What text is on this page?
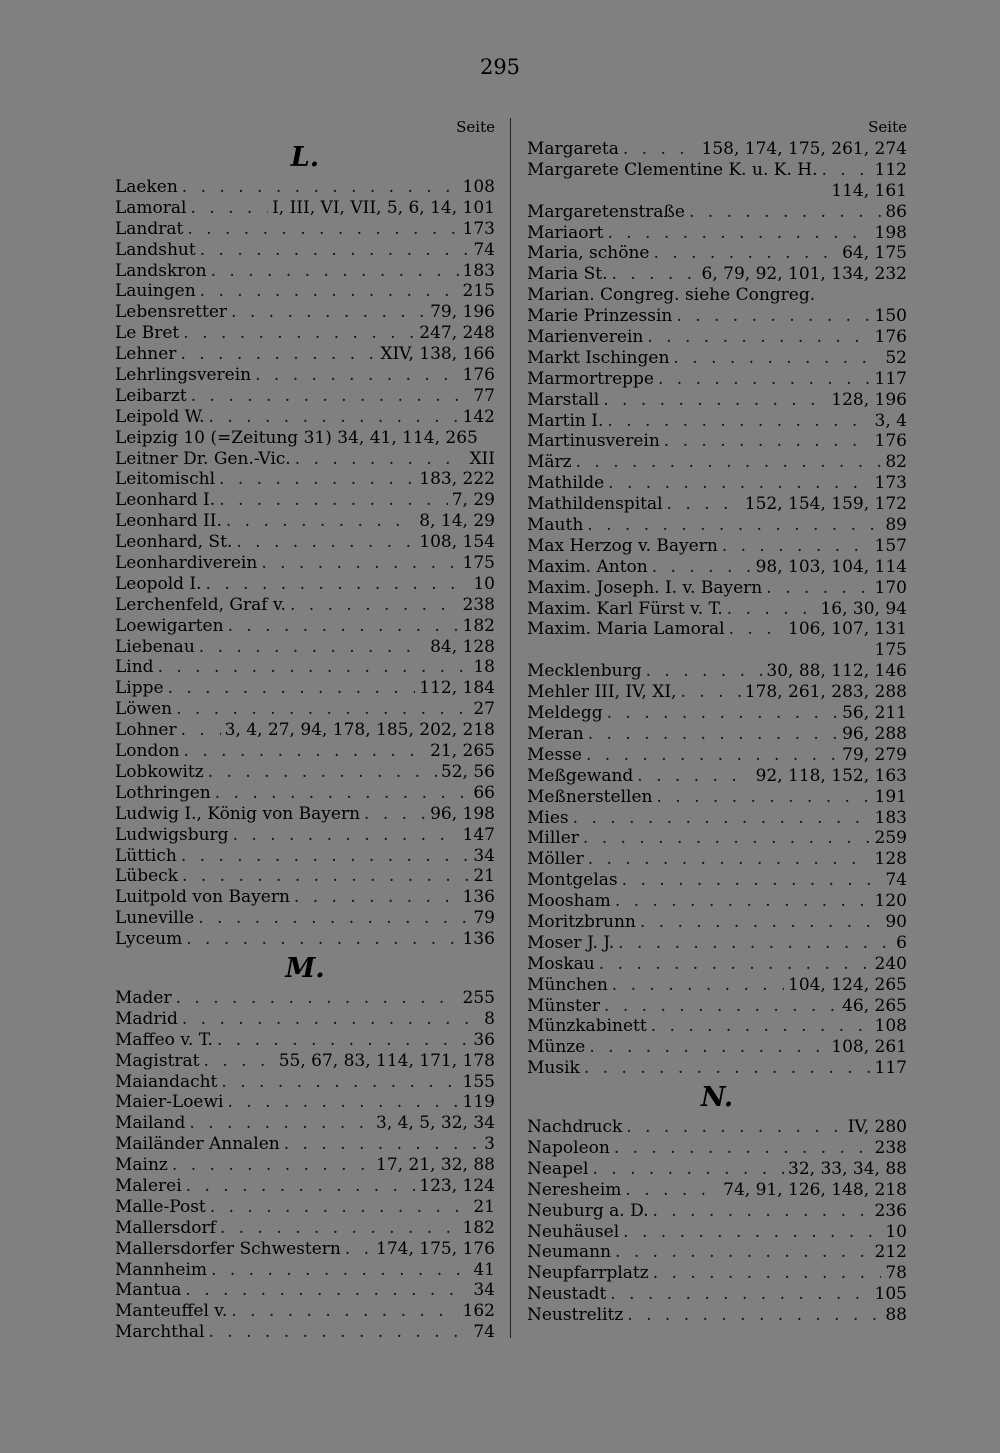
295
Seite
L.
Laeken . . .	108
Lamoral . . .	I, III, VI, VII, 5, 6, 14, 101
Landrat . . .	173
Landshut . . .	74
Landskron . . .	183
Lauingen . . .	215
Lebensretter . . .	79, 196
Le Bret . . .	247, 248
Lehner . . .	XIV, 138, 166
Lehrlingsverein . . .	176
Leibarzt . . .	77
Leipold W. . . .	142
Leipzig 10 (=Zeitung 31) 34, 41, 114, 265
Leitner Dr. Gen.-Vic. . . .	XII
Leitomischl . . .	183, 222
Leonhard I. . . .	7, 29
Leonhard II. . . .	8, 14, 29
Leonhard, St. . . .	108, 154
Leonhardiverein . . .	175
Leopold I. . . .	10
Lerchenfeld, Graf v. . . .	238
Loewigarten . . .	182
Liebenau . . .	84, 128
Lind . . .	18
Lippe . . .	112, 184
Löwen . . .	27
Lohner . . .	3, 4, 27, 94, 178, 185, 202, 218
London . . .	21, 265
Lobkowitz . . .	52, 56
Lothringen . . .	66
Ludwig I., König von Bayern . . .	96, 198
Ludwigsburg . . .	147
Lüttich . . .	34
Lübeck . . .	21
Luitpold von Bayern . . .	136
Luneville . . .	79
Lyceum . . .	136
M.
Mader . . .	255
Madrid . . .	8
Maffeo v. T. . . .	36
Magistrat . . .	55, 67, 83, 114, 171, 178
Maiandacht . . .	155
Maier-Loewi . . .	119
Mailand . . .	3, 4, 5, 32, 34
Mailänder Annalen . . .	3
Mainz . . .	17, 21, 32, 88
Malerei . . .	123, 124
Malle-Post . . .	21
Mallersdorf . . .	182
Mallersdorfer Schwestern . . . 174, 175, 176
Mannheim . . .	41
Mantua . . .	34
Manteuffel v. . . .	162
Marchthal . . .	74
Seite
Margareta . . .	158, 174, 175, 261, 274
Margarete Clementine K. u. K. H. . . .	112
114, 161
Margaretenstraße . . .	86
Mariaort . . .	198
Maria, schöne . . .	64, 175
Maria St. . . .	6, 79, 92, 101, 134, 232
Marian. Congreg. siehe Congreg.
Marie Prinzessin . . .	150
Marienverein . . .	176
Markt Ischingen . . .	52
Marmortreppe . . .	117
Marstall . . .	128, 196
Martin I. . . .	3, 4
Martinusverein . . .	176
März . . .	82
Mathilde . . .	173
Mathildenspital . . .	152, 154, 159, 172
Mauth . . .	89
Max Herzog v. Bayern . . .	157
Maxim. Anton . . .	98, 103, 104, 114
Maxim. Joseph. I. v. Bayern . . .	170
Maxim. Karl Fürst v. T. . . .	16, 30, 94
Maxim. Maria Lamoral . . .	106, 107, 131
175
Mecklenburg . . .	30, 88, 112, 146
Mehler III, IV, XI, . . .	178, 261, 283, 288
Meldegg . . .	56, 211
Meran . . .	96, 288
Messe . . .	79, 279
Meßgewand . . .	92, 118, 152, 163
Meßnerstellen . . .	191
Mies . . .	183
Miller . . .	259
Möller . . .	128
Montgelas . . .	74
Moosham . . .	120
Moritzbrunn . . .	90
Moser J. J. . . .	6
Moskau . . .	240
München . . .	104, 124, 265
Münster . . .	46, 265
Münzkabinett . . .	108
Münze . . .	108, 261
Musik . . .	117
N.
Nachdruck . . .	IV, 280
Napoleon . . .	238
Neapel . . .	32, 33, 34, 88
Neresheim . . .	74, 91, 126, 148, 218
Neuburg a. D. . . .	236
Neuhäusel . . .	10
Neumann . . .	212
Neupfarrplatz . . .	78
Neustadt . . .	105
Neustrelitz . . .	88
